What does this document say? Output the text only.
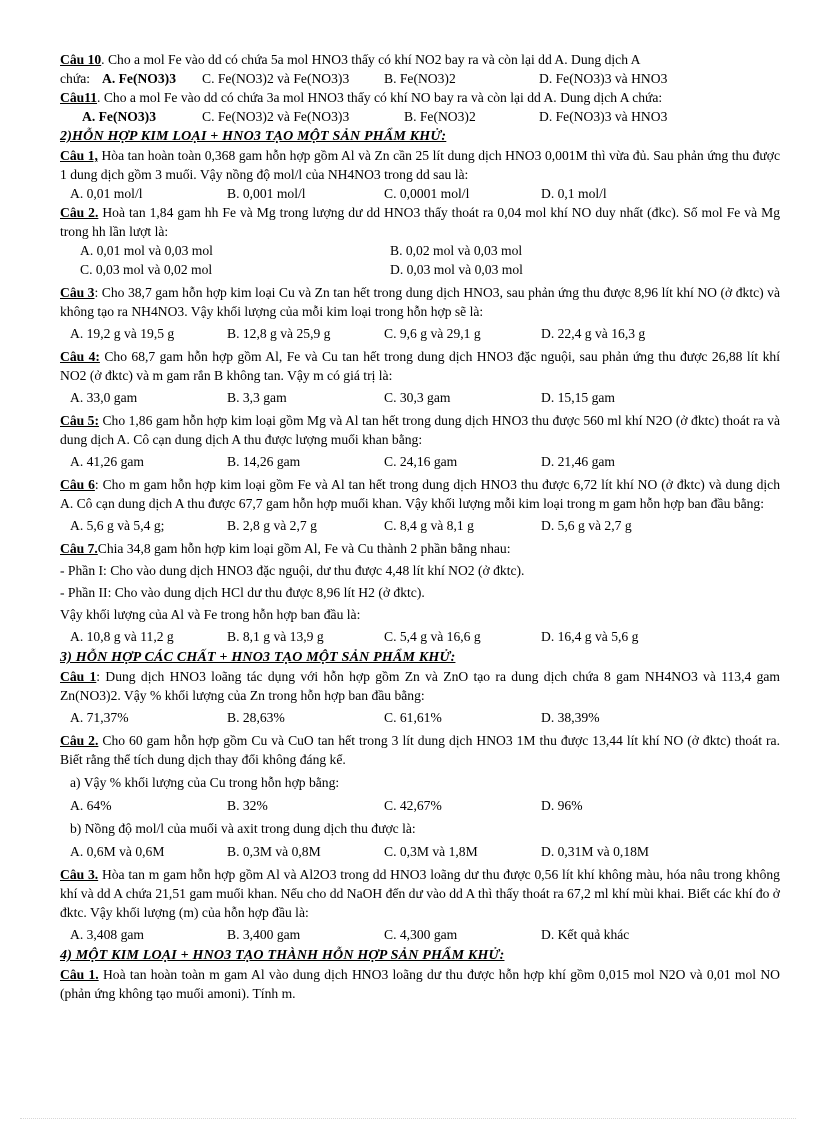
Câu 10. Cho a mol Fe vào dd có chứa 5a mol HNO3 thấy có khí NO2 bay ra và còn lại dd A. Dung dịch A

chứa: A. Fe(NO3)3	C. Fe(NO3)2 và Fe(NO3)3	B. Fe(NO3)2	D. Fe(NO3)3 và HNO3

Câu11. Cho a mol Fe vào dd có chứa 3a mol HNO3 thấy có khí NO bay ra và còn lại dd A. Dung dịch A chứa:

A. Fe(NO3)3	C. Fe(NO3)2 và Fe(NO3)3	B. Fe(NO3)2	D. Fe(NO3)3 và HNO3

2)HỖN HỢP KIM LOẠI + HNO3 TẠO MỘT SẢN PHẨM KHỬ:

Câu 1, Hòa tan hoàn toàn 0,368 gam hỗn hợp gồm Al và Zn cần 25 lít dung dịch HNO3 0,001M thì vừa đủ. Sau phản ứng thu được 1 dung dịch gồm 3 muối. Vậy nồng độ mol/l của NH4NO3 trong dd sau là:

A. 0,01 mol/l	B. 0,001 mol/l	C. 0,0001 mol/l	D. 0,1 mol/l

Câu 2. Hoà tan 1,84 gam hh Fe và Mg trong lượng dư dd HNO3 thấy thoát ra 0,04 mol khí NO duy nhất (đkc). Số mol Fe và Mg trong hh lần lượt là:

A. 0,01 mol và 0,03 mol	B. 0,02 mol và 0,03 mol
C. 0,03 mol và 0,02 mol	D. 0,03 mol và 0,03 mol

Câu 3: Cho 38,7 gam hỗn hợp kim loại Cu và Zn tan hết trong dung dịch HNO3, sau phản ứng thu được 8,96 lít khí NO (ở đktc) và không tạo ra NH4NO3. Vậy khối lượng của mỗi kim loại trong hỗn hợp sẽ là:

A. 19,2 g và 19,5 g	B. 12,8 g và 25,9 g	C. 9,6 g và 29,1 g	D. 22,4 g và 16,3 g

Câu 4: Cho 68,7 gam hỗn hợp gồm Al, Fe và Cu tan hết trong dung dịch HNO3 đặc nguội, sau phản ứng thu được 26,88 lít khí NO2 (ở đktc) và m gam rắn B không tan. Vậy m có giá trị là:

A. 33,0 gam	B. 3,3 gam	C. 30,3 gam	D. 15,15 gam

Câu 5: Cho 1,86 gam hỗn hợp kim loại gồm Mg và Al tan hết trong dung dịch HNO3 thu được 560 ml khí N2O (ở đktc) thoát ra và dung dịch A. Cô cạn dung dịch A thu được lượng muối khan bằng:

A. 41,26 gam	B. 14,26 gam	C. 24,16 gam	D. 21,46 gam

Câu 6: Cho m gam hỗn hợp kim loại gồm Fe và Al tan hết trong dung dịch HNO3 thu được 6,72 lít khí NO (ở đktc) và dung dịch A. Cô cạn dung dịch A thu được 67,7 gam hỗn hợp muối khan. Vậy khối lượng mỗi kim loại trong m gam hỗn hợp ban đầu bằng:

A. 5,6 g và 5,4 g;	B. 2,8 g và 2,7 g	C. 8,4 g và 8,1 g	D. 5,6 g và 2,7 g

Câu 7.Chia 34,8 gam hỗn hợp kim loại gồm Al, Fe và Cu thành 2 phần bằng nhau:

- Phần I: Cho vào dung dịch HNO3 đặc nguội, dư thu được 4,48 lít khí NO2 (ở đktc).

- Phần II: Cho vào dung dịch HCl dư thu được 8,96 lít H2 (ở đktc).

Vậy khối lượng của Al và Fe trong hỗn hợp ban đầu là:

A. 10,8 g và 11,2 g	B. 8,1 g và 13,9 g	C. 5,4 g và 16,6 g	D. 16,4 g và 5,6 g

3) HỖN HỢP CÁC CHẤT + HNO3 TẠO MỘT SẢN PHẨM KHỬ:

Câu 1: Dung dịch HNO3 loãng tác dụng với hỗn hợp gồm Zn và ZnO tạo ra dung dịch chứa 8 gam NH4NO3 và 113,4 gam Zn(NO3)2. Vậy % khối lượng của Zn trong hỗn hợp ban đầu bằng:

A. 71,37%	B. 28,63%	C. 61,61%	D. 38,39%

Câu 2. Cho 60 gam hỗn hợp gồm Cu và CuO tan hết trong 3 lít dung dịch HNO3 1M thu được 13,44 lít khí NO (ở đktc) thoát ra. Biết rằng thể tích dung dịch thay đổi không đáng kể.

a) Vậy % khối lượng của Cu trong hỗn hợp bằng:

A. 64%	B. 32%	C. 42,67%	D. 96%

b) Nồng độ mol/l của muối và axit trong dung dịch thu được là:

A. 0,6M và 0,6M	B. 0,3M và 0,8M	C. 0,3M và 1,8M	D. 0,31M và 0,18M

Câu 3. Hòa tan m gam hỗn hợp gồm Al và Al2O3 trong dd HNO3 loãng dư thu được 0,56 lít khí không màu, hóa nâu trong không khí và dd A chứa 21,51 gam muối khan. Nếu cho dd NaOH đến dư vào dd A thì thấy thoát ra 67,2 ml khí mùi khai. Biết các khí đo ở đktc. Vậy khối lượng (m) của hỗn hợp đầu là:

A. 3,408 gam	B. 3,400 gam	C. 4,300 gam	D. Kết quả khác

4) MỘT KIM LOẠI + HNO3 TẠO THÀNH HỖN HỢP SẢN PHẨM KHỬ:

Câu 1. Hoà tan hoàn toàn m gam Al vào dung dịch HNO3 loãng dư thu được hỗn hợp khí gồm 0,015 mol N2O và 0,01 mol NO (phản ứng không tạo muối amoni). Tính m.
